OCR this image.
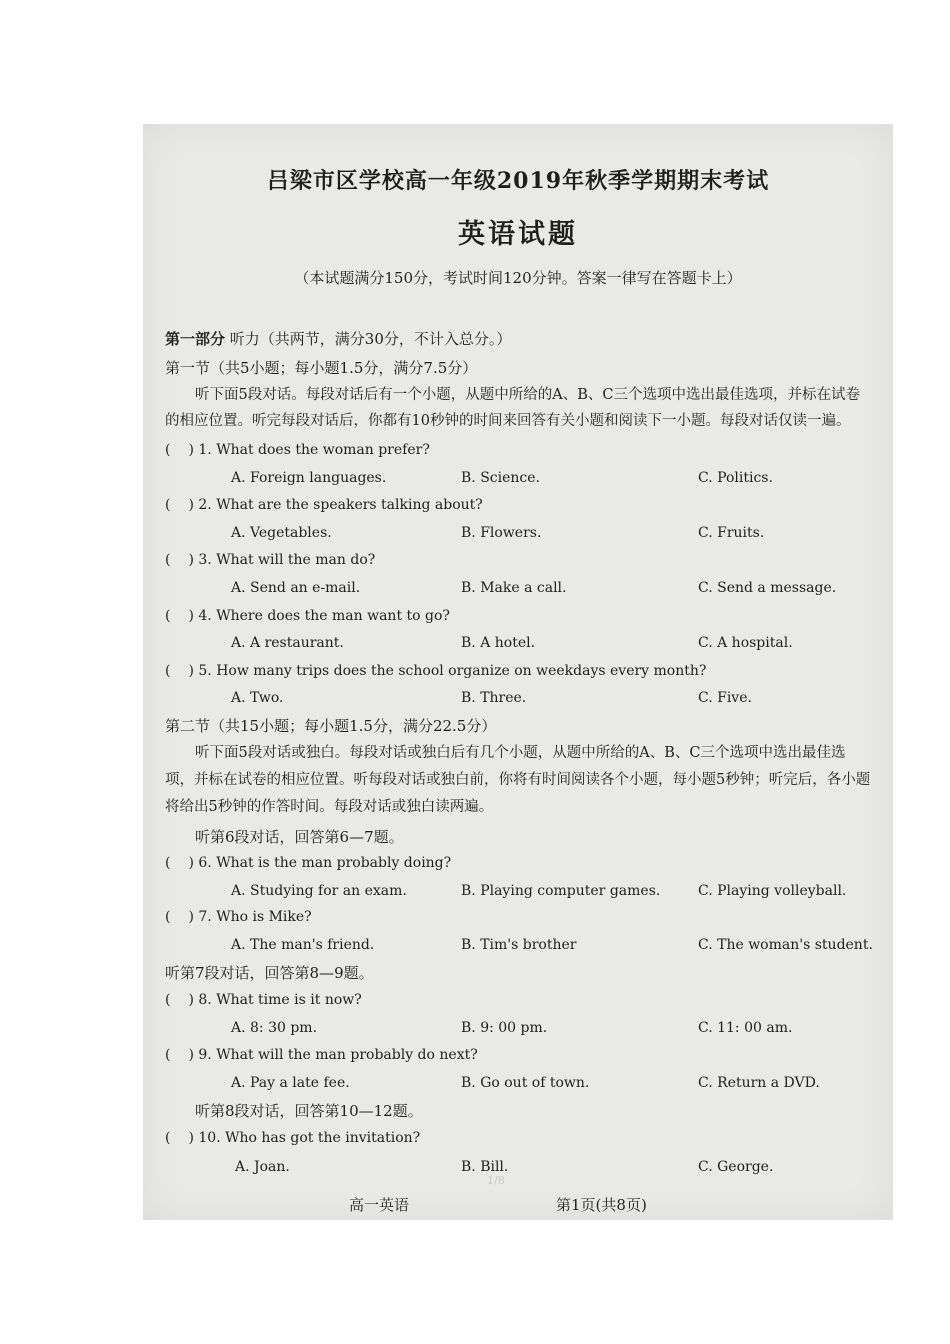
吕梁市区学校高一年级2019年秋季学期期末考试
英语试题
（本试题满分150分，考试时间120分钟。答案一律写在答题卡上）
第一部分 听力（共两节，满分30分，不计入总分。）
第一节（共5小题；每小题1.5分，满分7.5分）
听下面5段对话。每段对话后有一个小题，从题中所给的A、B、C三个选项中选出最佳选项，并标在试卷
的相应位置。听完每段对话后，你都有10秒钟的时间来回答有关小题和阅读下一小题。每段对话仅读一遍。
( ) 1. What does the woman prefer?
A. Foreign languages.	B. Science.	C. Politics.
( ) 2. What are the speakers talking about?
A. Vegetables.	B. Flowers.	C. Fruits.
( ) 3. What will the man do?
A. Send an e-mail.	B. Make a call.	C. Send a message.
( ) 4. Where does the man want to go?
A. A restaurant.	B. A hotel.	C. A hospital.
( ) 5. How many trips does the school organize on weekdays every month?
A. Two.	B. Three.	C. Five.
第二节（共15小题；每小题1.5分，满分22.5分）
听下面5段对话或独白。每段对话或独白后有几个小题，从题中所给的A、B、C三个选项中选出最佳选
项，并标在试卷的相应位置。听每段对话或独白前，你将有时间阅读各个小题，每小题5秒钟；听完后，各小题
将给出5秒钟的作答时间。每段对话或独白读两遍。
听第6段对话，回答第6—7题。
( ) 6. What is the man probably doing?
A. Studying for an exam.	B. Playing computer games.	C. Playing volleyball.
( ) 7. Who is Mike?
A. The man's friend.	B. Tim's brother	C. The woman's student.
听第7段对话，回答第8—9题。
( ) 8. What time is it now?
A. 8: 30 pm.	B. 9: 00 pm.	C. 11: 00 am.
( ) 9. What will the man probably do next?
A. Pay a late fee.	B. Go out of town.	C. Return a DVD.
听第8段对话，回答第10—12题。
( ) 10. Who has got the invitation?
A. Joan.	B. Bill.	C. George.
1/8
高一英语	第1页(共8页)
